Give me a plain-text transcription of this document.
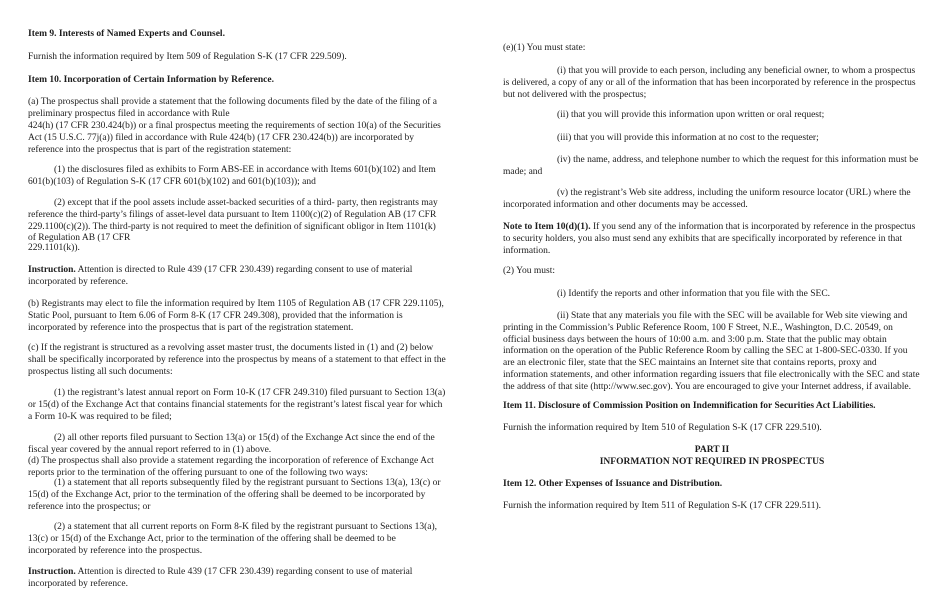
Item 9. Interests of Named Experts and Counsel.

Furnish the information required by Item 509 of Regulation S-K (17 CFR 229.509).

Item 10. Incorporation of Certain Information by Reference.

(a) The prospectus shall provide a statement that the following documents filed by the date of the filing of a preliminary prospectus filed in accordance with Rule

424(h) (17 CFR 230.424(b)) or a final prospectus meeting the requirements of section 10(a) of the Securities Act (15 U.S.C. 77j(a)) filed in accordance with Rule 424(b) (17 CFR 230.424(b)) are incorporated by reference into the prospectus that is part of the registration statement:

(1) the disclosures filed as exhibits to Form ABS-EE in accordance with Items 601(b)(102) and Item 601(b)(103) of Regulation S-K (17 CFR 601(b)(102) and 601(b)(103)); and

(2) except that if the pool assets include asset-backed securities of a third- party, then registrants may reference the third-party’s filings of asset-level data pursuant to Item 1100(c)(2) of Regulation AB (17 CFR 229.1100(c)(2)). The third-party is not required to meet the definition of significant obligor in Item 1101(k) of Regulation AB (17 CFR

229.1101(k)).

Instruction. Attention is directed to Rule 439 (17 CFR 230.439) regarding consent to use of material incorporated by reference.

(b) Registrants may elect to file the information required by Item 1105 of Regulation AB (17 CFR 229.1105), Static Pool, pursuant to Item 6.06 of Form 8-K (17 CFR 249.308), provided that the information is incorporated by reference into the prospectus that is part of the registration statement.

(c) If the registrant is structured as a revolving asset master trust, the documents listed in (1) and (2) below shall be specifically incorporated by reference into the prospectus by means of a statement to that effect in the prospectus listing all such documents:

(1) the registrant’s latest annual report on Form 10-K (17 CFR 249.310) filed pursuant to Section 13(a) or 15(d) of the Exchange Act that contains financial statements for the registrant’s latest fiscal year for which a Form 10-K was required to be filed;

(2) all other reports filed pursuant to Section 13(a) or 15(d) of the Exchange Act since the end of the fiscal year covered by the annual report referred to in (1) above.

(d) The prospectus shall also provide a statement regarding the incorporation of reference of Exchange Act reports prior to the termination of the offering pursuant to one of the following two ways:

(1) a statement that all reports subsequently filed by the registrant pursuant to Sections 13(a), 13(c) or 15(d) of the Exchange Act, prior to the termination of the offering shall be deemed to be incorporated by reference into the prospectus; or

(2) a statement that all current reports on Form 8-K filed by the registrant pursuant to Sections 13(a), 13(c) or 15(d) of the Exchange Act, prior to the termination of the offering shall be deemed to be incorporated by reference into the prospectus.

Instruction. Attention is directed to Rule 439 (17 CFR 230.439) regarding consent to use of material incorporated by reference.

(e)(1) You must state:

(i) that you will provide to each person, including any beneficial owner, to whom a prospectus is delivered, a copy of any or all of the information that has been incorporated by reference in the prospectus but not delivered with the prospectus;

(ii) that you will provide this information upon written or oral request;

(iii) that you will provide this information at no cost to the requester;

(iv) the name, address, and telephone number to which the request for this information must be made; and

(v) the registrant’s Web site address, including the uniform resource locator (URL) where the incorporated information and other documents may be accessed.

Note to Item 10(d)(1). If you send any of the information that is incorporated by reference in the prospectus to security holders, you also must send any exhibits that are specifically incorporated by reference in that information.

(2) You must:

(i) Identify the reports and other information that you file with the SEC.

(ii) State that any materials you file with the SEC will be available for Web site viewing and printing in the Commission’s Public Reference Room, 100 F Street, N.E., Washington, D.C. 20549, on official business days between the hours of 10:00 a.m. and 3:00 p.m. State that the public may obtain information on the operation of the Public Reference Room by calling the SEC at 1-800-SEC-0330. If you are an electronic filer, state that the SEC maintains an Internet site that contains reports, proxy and information statements, and other information regarding issuers that file electronically with the SEC and state the address of that site (http://www.sec.gov). You are encouraged to give your Internet address, if available.

Item 11. Disclosure of Commission Position on Indemnification for Securities Act Liabilities.

Furnish the information required by Item 510 of Regulation S-K (17 CFR 229.510).

PART II

INFORMATION NOT REQUIRED IN PROSPECTUS

Item 12. Other Expenses of Issuance and Distribution.

Furnish the information required by Item 511 of Regulation S-K (17 CFR 229.511).
